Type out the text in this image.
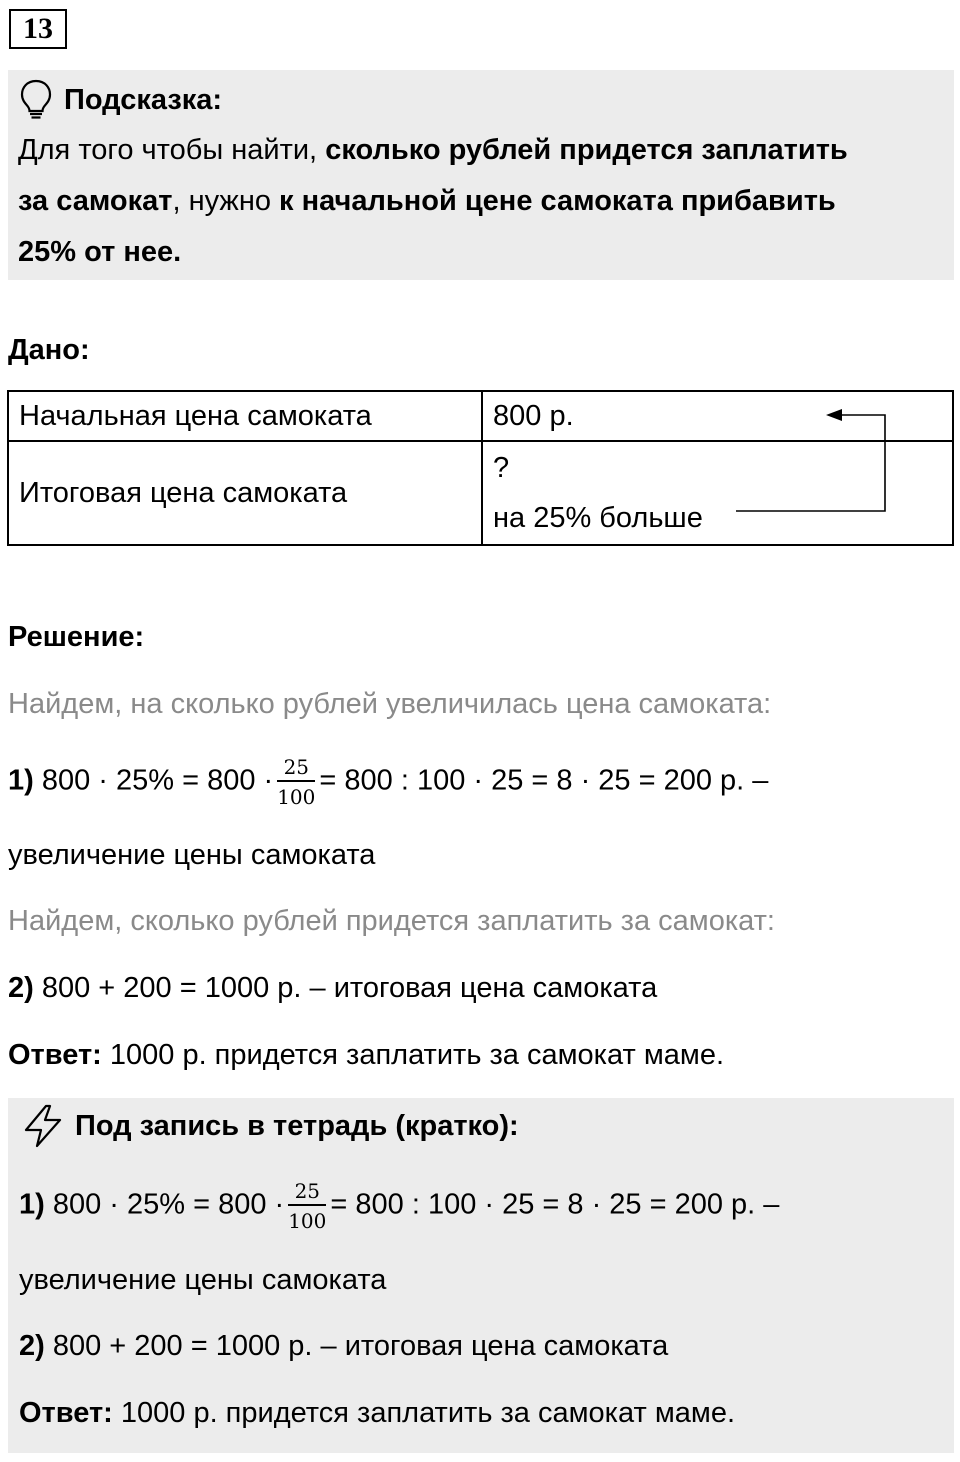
13
Подсказка:
Для того чтобы найти, сколько рублей придется заплатить
за самокат, нужно к начальной цене самоката прибавить
25% от нее.
Дано:
Начальная цена самоката	800 р.
Итоговая цена самоката	?
на 25% больше
Решение:
Найдем, на сколько рублей увеличилась цена самоката:
1) $800 \cdot 25\% = 800 \cdot \frac{25}{100} = 800$ : 100 · 25 = 8 · 25 = 200 р. –
увеличение цены самоката
Найдем, сколько рублей придется заплатить за самокат:
2) 800 + 200 = 1000 р. – итоговая цена самоката
Ответ: 1000 р. придется заплатить за самокат маме.
Под запись в тетрадь (кратко):
1) $800 \cdot 25\% = 800 \cdot \frac{25}{100} = 800$ : 100 · 25 = 8 · 25 = 200 р. –
увеличение цены самоката
2) 800 + 200 = 1000 р. – итоговая цена самоката
Ответ: 1000 р. придется заплатить за самокат маме.
